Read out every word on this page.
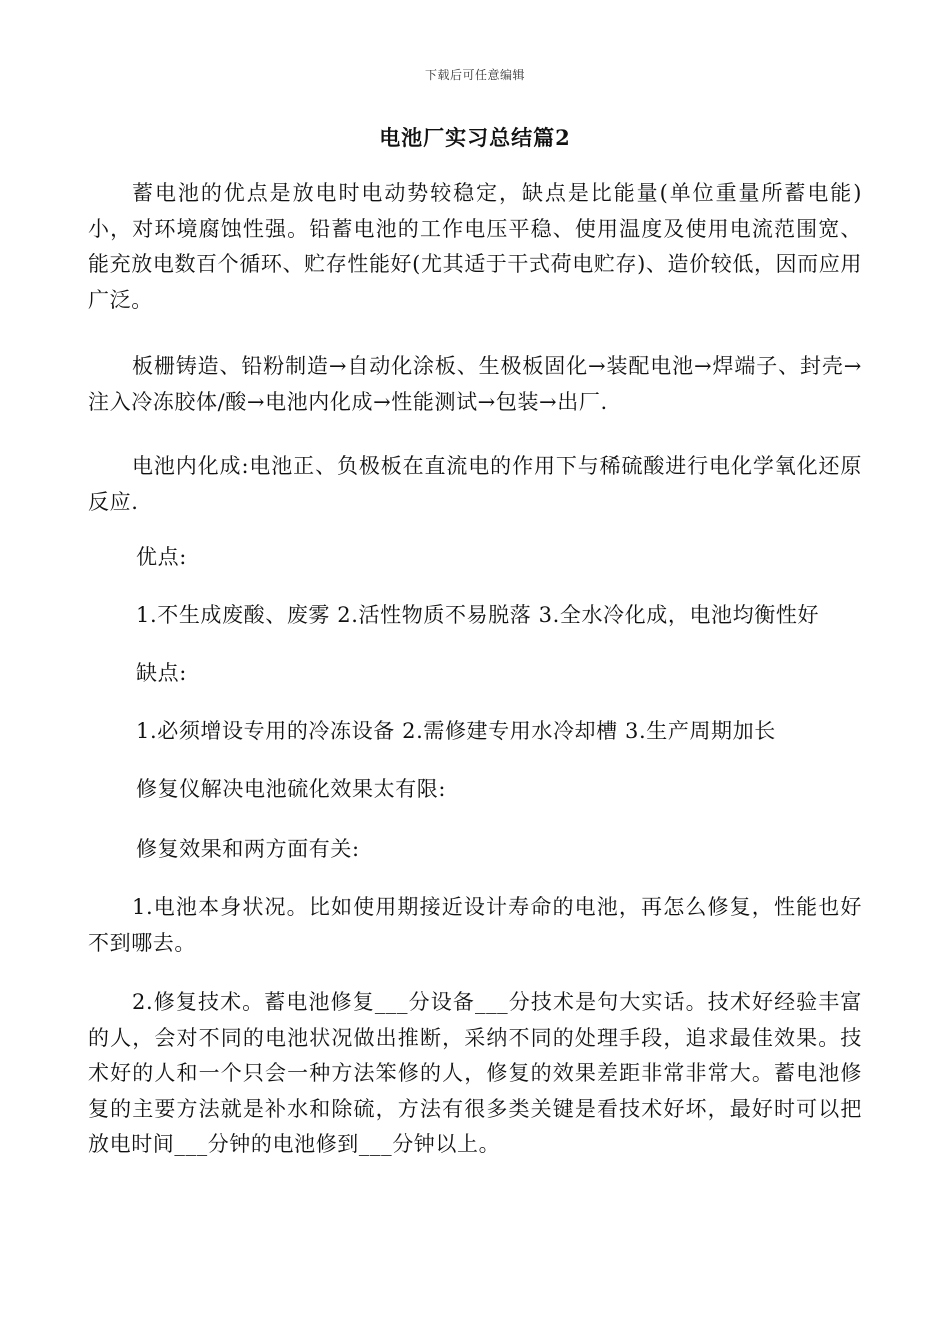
下载后可任意编辑
电池厂实习总结篇2

蓄电池的优点是放电时电动势较稳定，缺点是比能量(单位重量所蓄电能)小，对环境腐蚀性强。铅蓄电池的工作电压平稳、使用温度及使用电流范围宽、能充放电数百个循环、贮存性能好(尤其适于干式荷电贮存)、造价较低，因而应用广泛。

板栅铸造、铅粉制造→自动化涂板、生极板固化→装配电池→焊端子、封壳→注入冷冻胶体/酸→电池内化成→性能测试→包装→出厂.

电池内化成:电池正、负极板在直流电的作用下与稀硫酸进行电化学氧化还原反应.

优点:

1.不生成废酸、废雾 2.活性物质不易脱落 3.全水冷化成，电池均衡性好

缺点:

1.必须增设专用的冷冻设备 2.需修建专用水冷却槽 3.生产周期加长

修复仪解决电池硫化效果太有限:

修复效果和两方面有关:

1.电池本身状况。比如使用期接近设计寿命的电池，再怎么修复，性能也好不到哪去。

2.修复技术。蓄电池修复___分设备___分技术是句大实话。技术好经验丰富的人，会对不同的电池状况做出推断，采纳不同的处理手段，追求最佳效果。技术好的人和一个只会一种方法笨修的人，修复的效果差距非常非常大。蓄电池修复的主要方法就是补水和除硫，方法有很多类关键是看技术好坏，最好时可以把放电时间___分钟的电池修到___分钟以上。
